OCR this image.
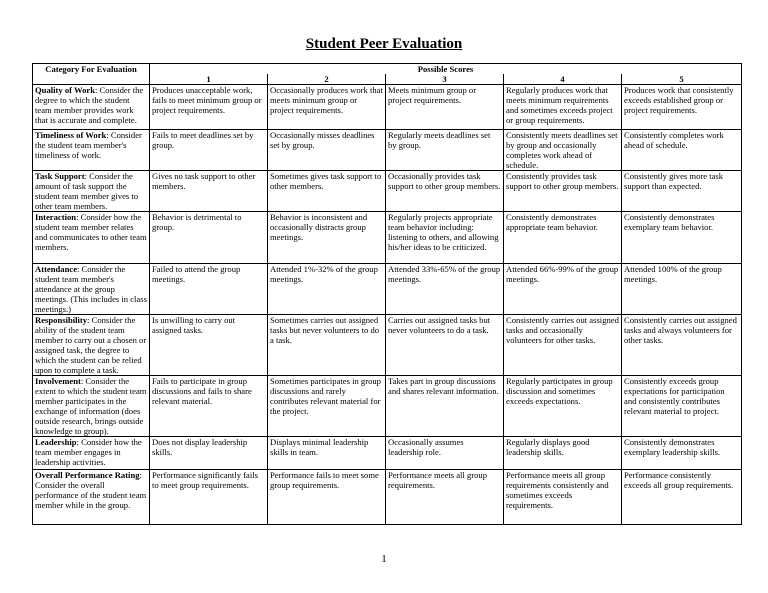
Student Peer Evaluation
Category For Evaluation	Possible Scores				

	1	2	3	4	5
Quality of Work: Consider the degree to which the student team member provides work that is accurate and complete.	Produces unacceptable work, fails to meet minimum group or project requirements.	Occasionally produces work that meets minimum group or project requirements.	Meets minimum group or project requirements.	Regularly produces work that meets minimum requirements and sometimes exceeds project or group requirements.	Produces work that consistently exceeds established group or project requirements.
Timeliness of Work: Consider the student team member's timeliness of work.	Fails to meet deadlines set by group.	Occasionally misses deadlines set by group.	Regularly meets deadlines set by group.	Consistently meets deadlines set by group and occasionally completes work ahead of schedule.	Consistently completes work ahead of schedule.
Task Support: Consider the amount of task support the student team member gives to other team members.	Gives no task support to other members.	Sometimes gives task support to other members.	Occasionally provides task support to other group members.	Consistently provides task support to other group members.	Consistently gives more task support than expected.
Interaction: Consider how the student team member relates and communicates to other team members.	Behavior is detrimental to group.	Behavior is inconsistent and occasionally distracts group meetings.	Regularly projects appropriate team behavior including: listening to others, and allowing his/her ideas to be criticized.	Consistently demonstrates appropriate team behavior.	Consistently demonstrates exemplary team behavior.
Attendance: Consider the student team member's attendance at the group meetings. (This includes in class meetings.)	Failed to attend the group meetings.	Attended 1%-32% of the group meetings.	Attended 33%-65% of the group meetings.	Attended 66%-99% of the group meetings.	Attended 100% of the group meetings.
Responsibility: Consider the ability of the student team member to carry out a chosen or assigned task, the degree to which the student can be relied upon to complete a task.	Is unwilling to carry out assigned tasks.	Sometimes carries out assigned tasks but never volunteers to do a task.	Carries out assigned tasks but never volunteers to do a task.	Consistently carries out assigned tasks and occasionally volunteers for other tasks.	Consistently carries out assigned tasks and always volunteers for other tasks.
Involvement: Consider the extent to which the student team member participates in the exchange of information (does outside research, brings outside knowledge to group).	Fails to participate in group discussions and fails to share relevant material.	Sometimes participates in group discussions and rarely contributes relevant material for the project.	Takes part in group discussions and shares relevant information.	Regularly participates in group discussion and sometimes exceeds expectations.	Consistently exceeds group expectations for participation and consistently contributes relevant material to project.
Leadership: Consider how the team member engages in leadership activities.	Does not display leadership skills.	Displays minimal leadership skills in team.	Occasionally assumes leadership role.	Regularly displays good leadership skills.	Consistently demonstrates exemplary leadership skills.
Overall Performance Rating: Consider the overall performance of the student team member while in the group.	Performance significantly fails to meet group requirements.	Performance fails to meet some group requirements.	Performance meets all group requirements.	Performance meets all group requirements consistently and sometimes exceeds requirements.	Performance consistently exceeds all group requirements.
1
